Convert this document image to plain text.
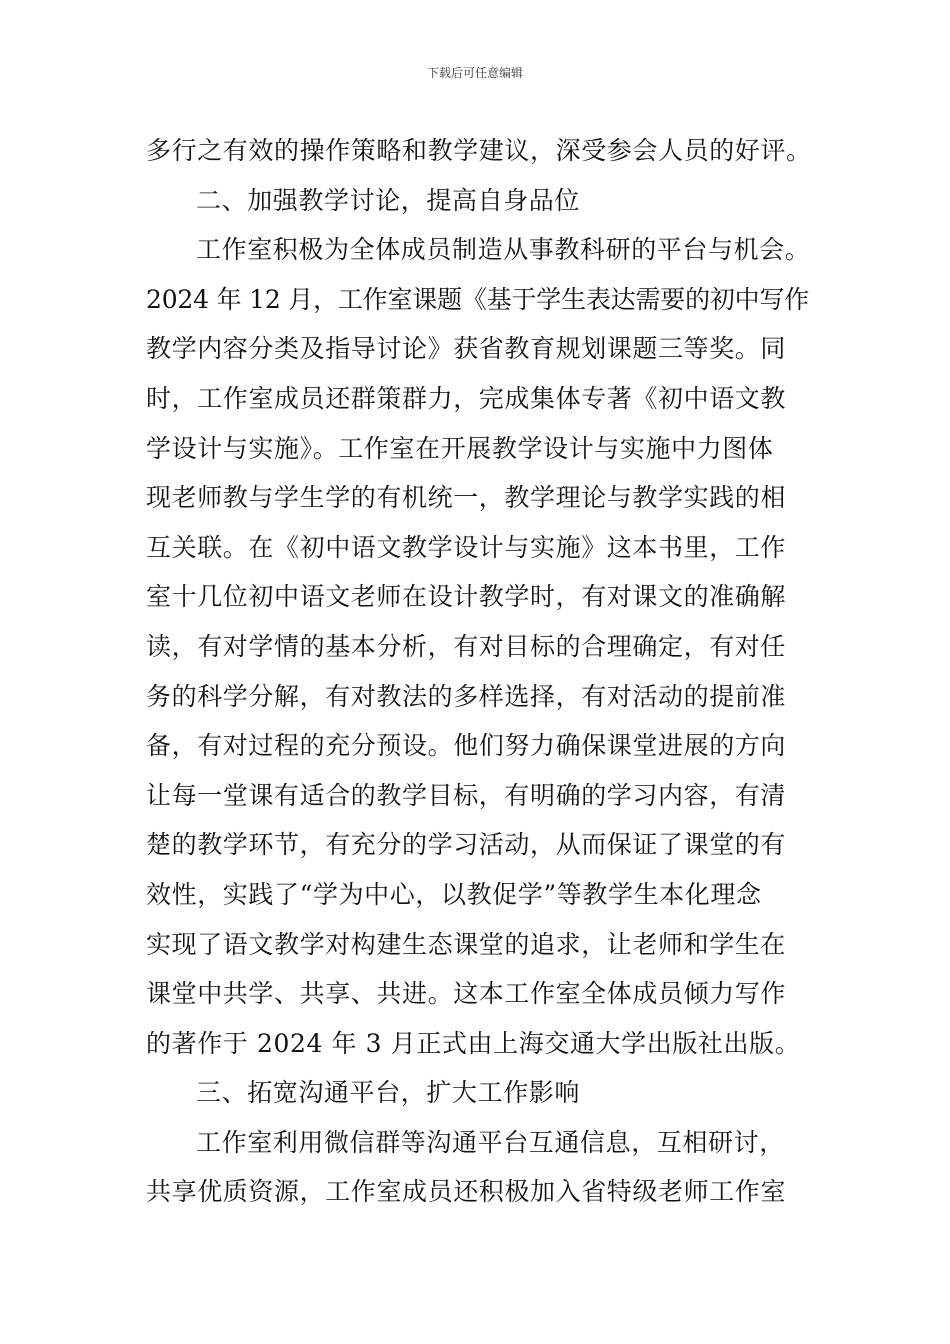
下载后可任意编辑
多行之有效的操作策略和教学建议，深受参会人员的好评。
二、加强教学讨论，提高自身品位
工作室积极为全体成员制造从事教科研的平台与机会。
2024 年 12 月，工作室课题《基于学生表达需要的初中写作
教学内容分类及指导讨论》获省教育规划课题三等奖。同
时，工作室成员还群策群力，完成集体专著《初中语文教
学设计与实施》。工作室在开展教学设计与实施中力图体
现老师教与学生学的有机统一，教学理论与教学实践的相
互关联。在《初中语文教学设计与实施》这本书里，工作
室十几位初中语文老师在设计教学时，有对课文的准确解
读，有对学情的基本分析，有对目标的合理确定，有对任
务的科学分解，有对教法的多样选择，有对活动的提前准
备，有对过程的充分预设。他们努力确保课堂进展的方向
让每一堂课有适合的教学目标，有明确的学习内容，有清
楚的教学环节，有充分的学习活动，从而保证了课堂的有
效性，实践了“学为中心，以教促学”等教学生本化理念
实现了语文教学对构建生态课堂的追求，让老师和学生在
课堂中共学、共享、共进。这本工作室全体成员倾力写作
的著作于 2024 年 3 月正式由上海交通大学出版社出版。
三、拓宽沟通平台，扩大工作影响
工作室利用微信群等沟通平台互通信息，互相研讨，
共享优质资源，工作室成员还积极加入省特级老师工作室
